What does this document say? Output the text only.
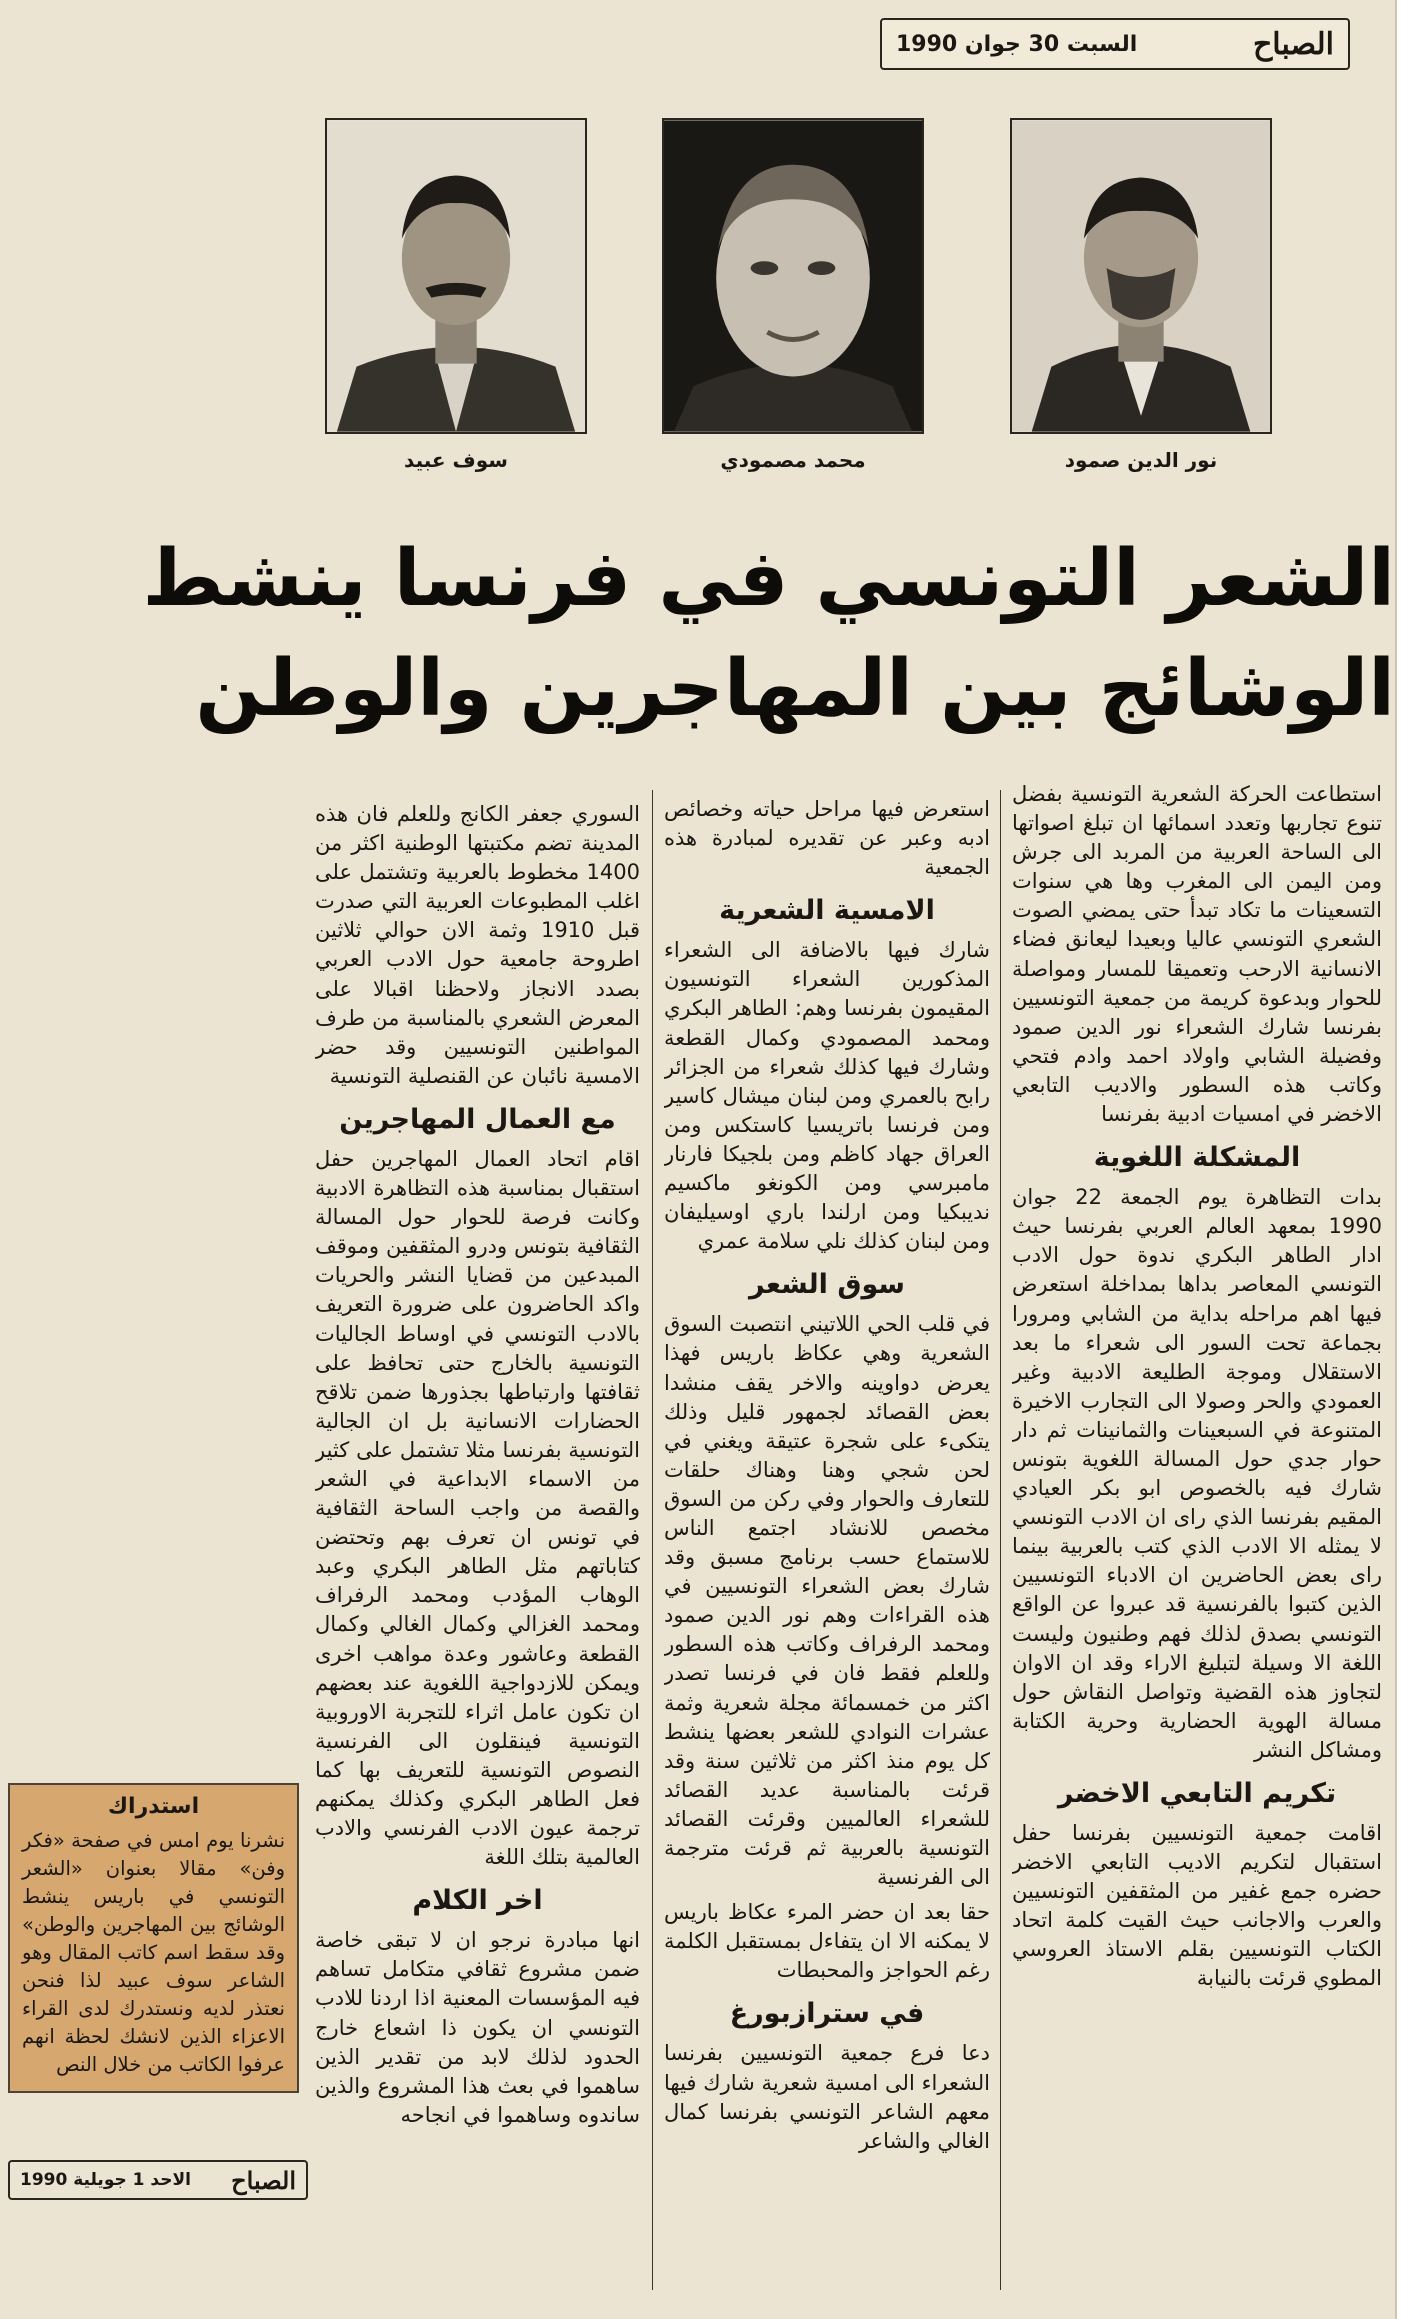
الصباح
السبت 30 جوان 1990
نور الدين صمود
محمد مصمودي
سوف عبيد
الشعر التونسي في فرنسا ينشط
الوشائج بين المهاجرين والوطن

استطاعت الحركة الشعرية التونسية بفضل تنوع تجاربها وتعدد اسمائها ان تبلغ اصواتها الى الساحة العربية من المربد الى جرش ومن اليمن الى المغرب وها هي سنوات التسعينات ما تكاد تبدأ حتى يمضي الصوت الشعري التونسي عاليا وبعيدا ليعانق فضاء الانسانية الارحب وتعميقا للمسار ومواصلة للحوار وبدعوة كريمة من جمعية التونسيين بفرنسا شارك الشعراء نور الدين صمود وفضيلة الشابي واولاد احمد وادم فتحي وكاتب هذه السطور والاديب التابعي الاخضر في امسيات ادبية بفرنسا

المشكلة اللغوية

بدات التظاهرة يوم الجمعة 22 جوان 1990 بمعهد العالم العربي بفرنسا حيث ادار الطاهر البكري ندوة حول الادب التونسي المعاصر بداها بمداخلة استعرض فيها اهم مراحله بداية من الشابي ومرورا بجماعة تحت السور الى شعراء ما بعد الاستقلال وموجة الطليعة الادبية وغير العمودي والحر وصولا الى التجارب الاخيرة المتنوعة في السبعينات والثمانينات ثم دار حوار جدي حول المسالة اللغوية بتونس شارك فيه بالخصوص ابو بكر العيادي المقيم بفرنسا الذي راى ان الادب التونسي لا يمثله الا الادب الذي كتب بالعربية بينما راى بعض الحاضرين ان الادباء التونسيين الذين كتبوا بالفرنسية قد عبروا عن الواقع التونسي بصدق لذلك فهم وطنيون وليست اللغة الا وسيلة لتبليغ الاراء وقد ان الاوان لتجاوز هذه القضية وتواصل النقاش حول مسالة الهوية الحضارية وحرية الكتابة ومشاكل النشر

تكريم التابعي الاخضر

اقامت جمعية التونسيين بفرنسا حفل استقبال لتكريم الاديب التابعي الاخضر حضره جمع غفير من المثقفين التونسيين والعرب والاجانب حيث القيت كلمة اتحاد الكتاب التونسيين بقلم الاستاذ العروسي المطوي قرئت بالنيابة

استعرض فيها مراحل حياته وخصائص ادبه وعبر عن تقديره لمبادرة هذه الجمعية

الامسية الشعرية

شارك فيها بالاضافة الى الشعراء المذكورين الشعراء التونسيون المقيمون بفرنسا وهم: الطاهر البكري ومحمد المصمودي وكمال القطعة وشارك فيها كذلك شعراء من الجزائر رابح بالعمري ومن لبنان ميشال كاسير ومن فرنسا باتريسيا كاستكس ومن العراق جهاد كاظم ومن بلجيكا فارنار مامبرسي ومن الكونغو ماكسيم نديبكيا ومن ارلندا باري اوسيليفان ومن لبنان كذلك نلي سلامة عمري

سوق الشعر

في قلب الحي اللاتيني انتصبت السوق الشعرية وهي عكاظ باريس فهذا يعرض دواوينه والاخر يقف منشدا بعض القصائد لجمهور قليل وذلك يتكىء على شجرة عتيقة ويغني في لحن شجي وهنا وهناك حلقات للتعارف والحوار وفي ركن من السوق مخصص للانشاد اجتمع الناس للاستماع حسب برنامج مسبق وقد شارك بعض الشعراء التونسيين في هذه القراءات وهم نور الدين صمود ومحمد الرفراف وكاتب هذه السطور وللعلم فقط فان في فرنسا تصدر اكثر من خمسمائة مجلة شعرية وثمة عشرات النوادي للشعر بعضها ينشط كل يوم منذ اكثر من ثلاثين سنة وقد قرئت بالمناسبة عديد القصائد للشعراء العالميين وقرئت القصائد التونسية بالعربية ثم قرئت مترجمة الى الفرنسية

حقا بعد ان حضر المرء عكاظ باريس لا يمكنه الا ان يتفاءل بمستقبل الكلمة رغم الحواجز والمحبطات

في سترازبورغ

دعا فرع جمعية التونسيين بفرنسا الشعراء الى امسية شعرية شارك فيها معهم الشاعر التونسي بفرنسا كمال الغالي والشاعر

السوري جعفر الكانج وللعلم فان هذه المدينة تضم مكتبتها الوطنية اكثر من 1400 مخطوط بالعربية وتشتمل على اغلب المطبوعات العربية التي صدرت قبل 1910 وثمة الان حوالي ثلاثين اطروحة جامعية حول الادب العربي بصدد الانجاز ولاحظنا اقبالا على المعرض الشعري بالمناسبة من طرف المواطنين التونسيين وقد حضر الامسية نائبان عن القنصلية التونسية

مع العمال المهاجرين

اقام اتحاد العمال المهاجرين حفل استقبال بمناسبة هذه التظاهرة الادبية وكانت فرصة للحوار حول المسالة الثقافية بتونس ودرو المثقفين وموقف المبدعين من قضايا النشر والحريات واكد الحاضرون على ضرورة التعريف بالادب التونسي في اوساط الجاليات التونسية بالخارج حتى تحافظ على ثقافتها وارتباطها بجذورها ضمن تلاقح الحضارات الانسانية بل ان الجالية التونسية بفرنسا مثلا تشتمل على كثير من الاسماء الابداعية في الشعر والقصة من واجب الساحة الثقافية في تونس ان تعرف بهم وتحتضن كتاباتهم مثل الطاهر البكري وعبد الوهاب المؤدب ومحمد الرفراف ومحمد الغزالي وكمال الغالي وكمال القطعة وعاشور وعدة مواهب اخرى ويمكن للازدواجية اللغوية عند بعضهم ان تكون عامل اثراء للتجربة الاوروبية التونسية فينقلون الى الفرنسية النصوص التونسية للتعريف بها كما فعل الطاهر البكري وكذلك يمكنهم ترجمة عيون الادب الفرنسي والادب العالمية بتلك اللغة

اخر الكلام

انها مبادرة نرجو ان لا تبقى خاصة ضمن مشروع ثقافي متكامل تساهم فيه المؤسسات المعنية اذا اردنا للادب التونسي ان يكون ذا اشعاع خارج الحدود لذلك لابد من تقدير الذين ساهموا في بعث هذا المشروع والذين ساندوه وساهموا في انجاحه

استدراك

نشرنا يوم امس في صفحة «فكر وفن» مقالا بعنوان «الشعر التونسي في باريس ينشط الوشائج بين المهاجرين والوطن» وقد سقط اسم كاتب المقال وهو الشاعر سوف عبيد لذا فنحن نعتذر لديه ونستدرك لدى القراء الاعزاء الذين لانشك لحظة انهم عرفوا الكاتب من خلال النص

الصباح
الاحد 1 جويلية 1990
